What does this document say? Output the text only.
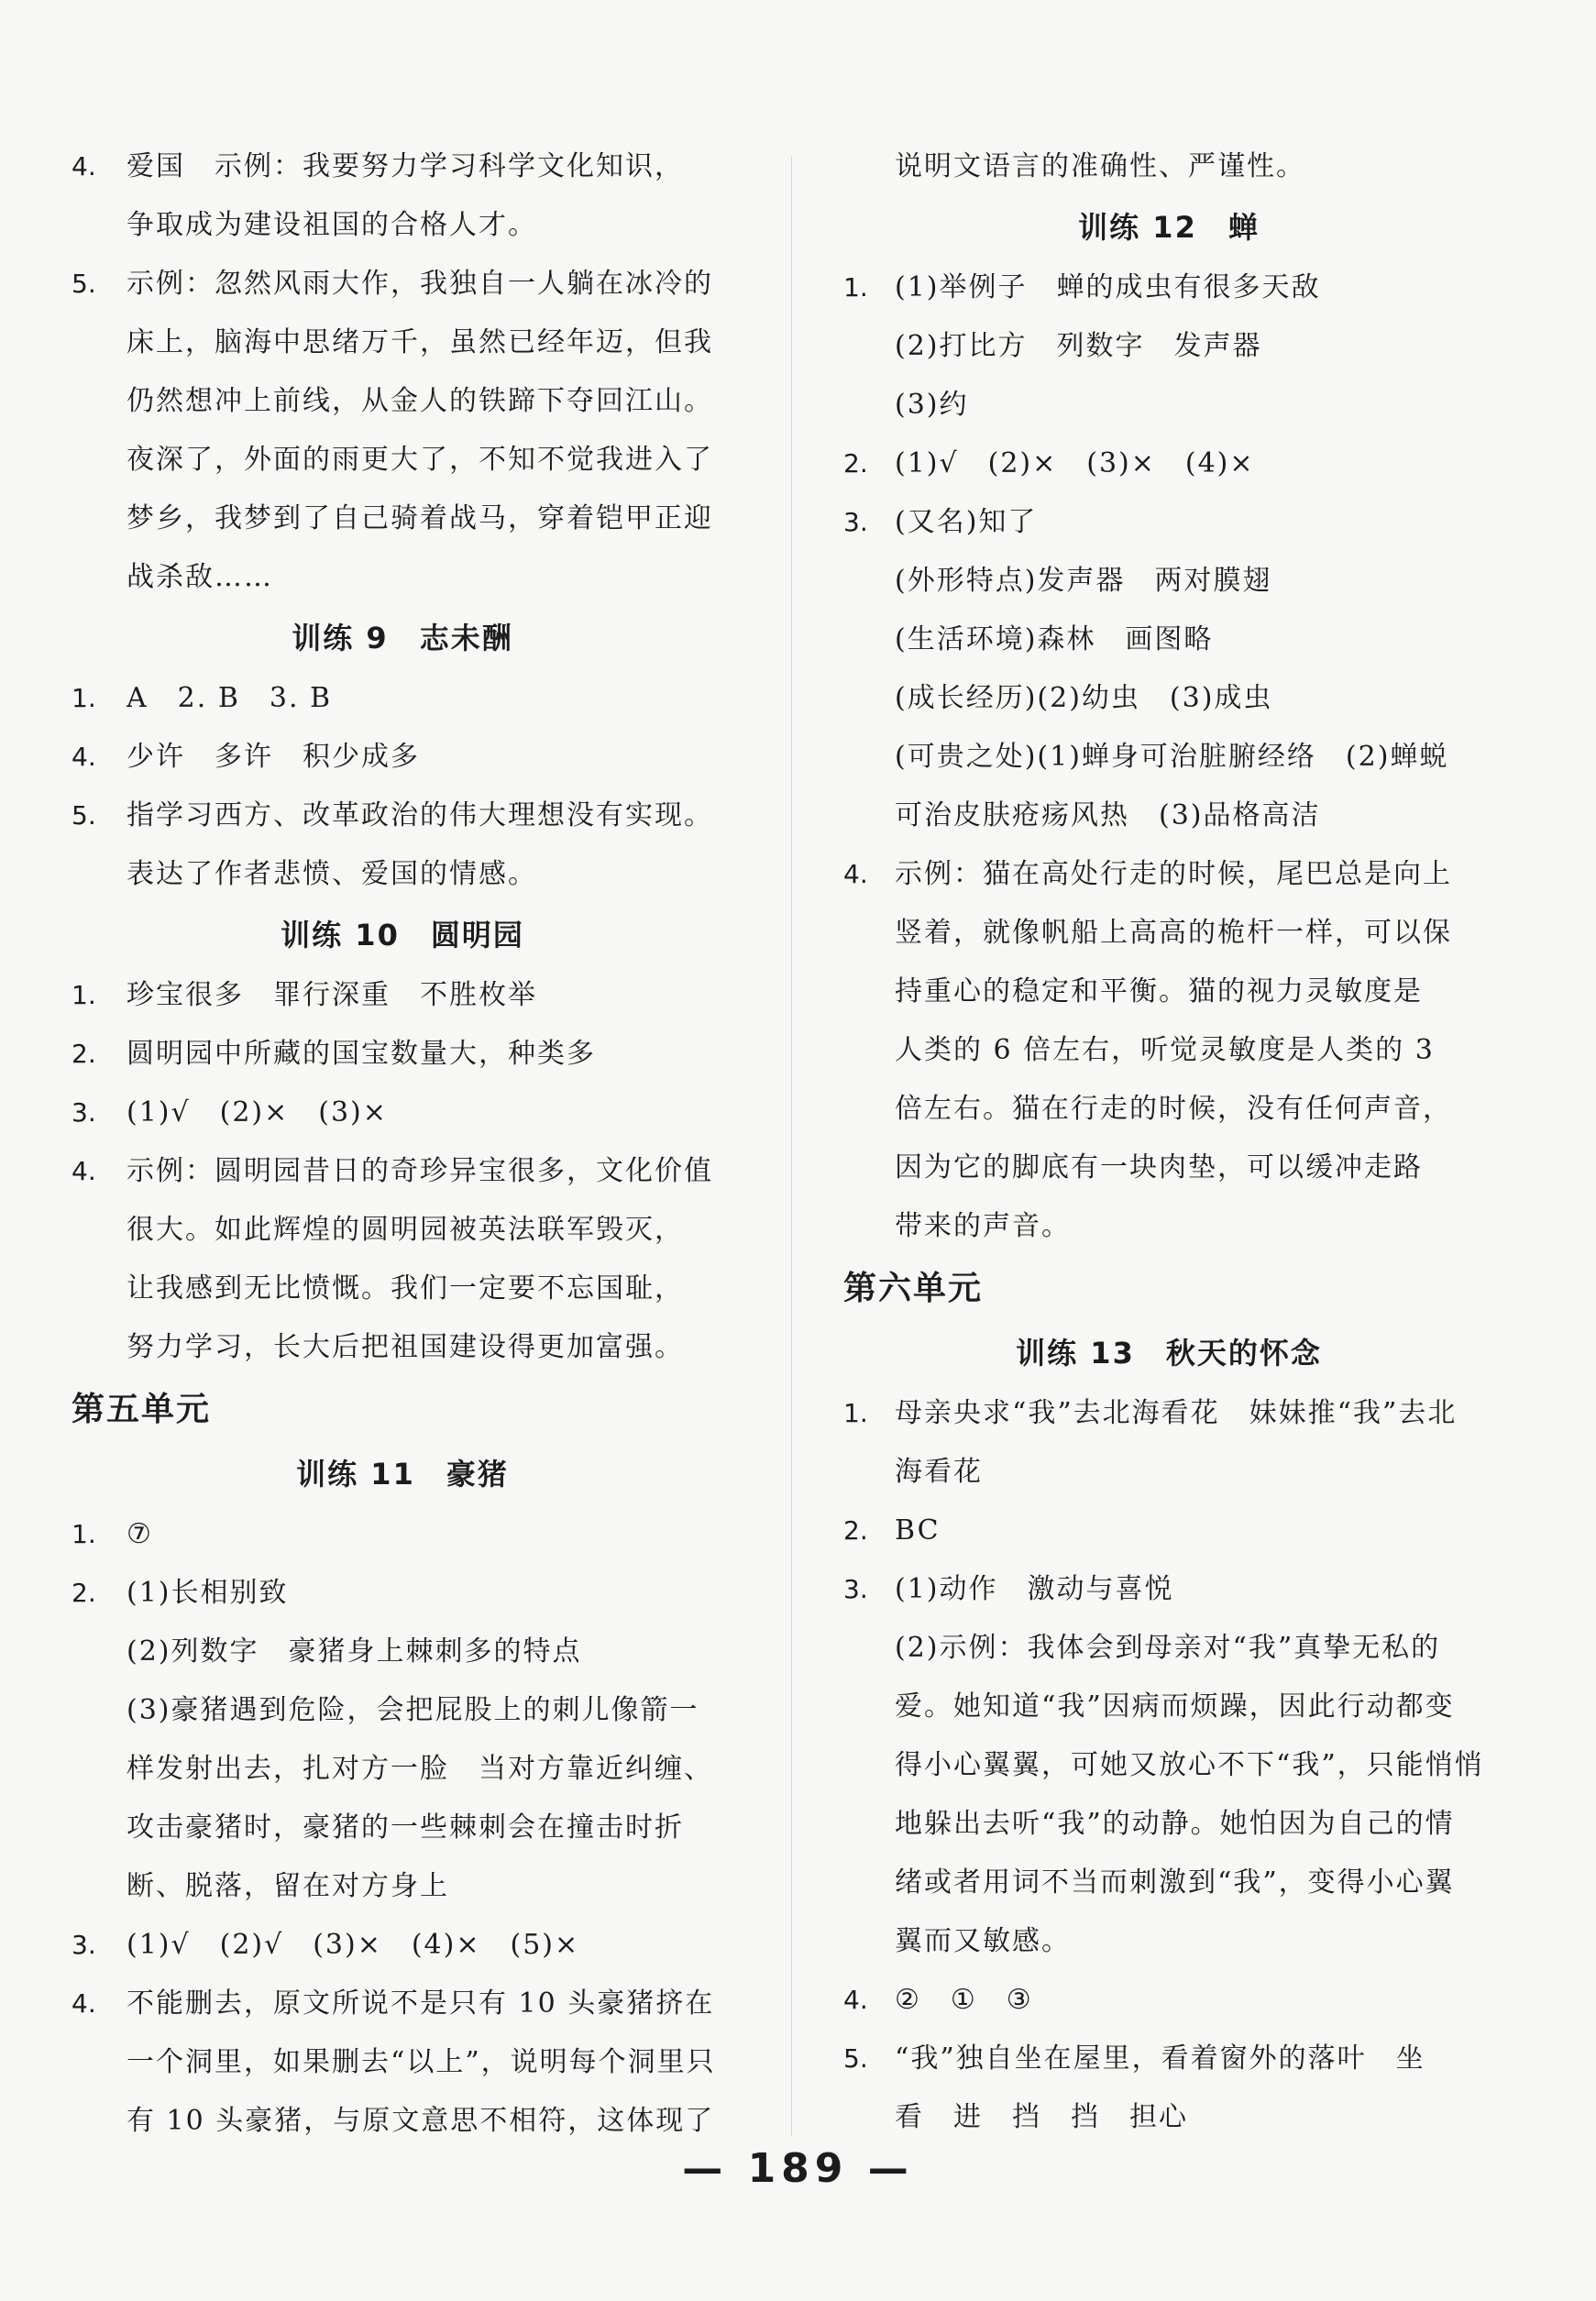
4. 爱国　示例：我要努力学习科学文化知识，
争取成为建设祖国的合格人才。
5. 示例：忽然风雨大作，我独自一人躺在冰冷的
床上，脑海中思绪万千，虽然已经年迈，但我
仍然想冲上前线，从金人的铁蹄下夺回江山。
夜深了，外面的雨更大了，不知不觉我进入了
梦乡，我梦到了自己骑着战马，穿着铠甲正迎
战杀敌……
训练 9　志未酬
1. A　2. B　3. B
4. 少许　多许　积少成多
5. 指学习西方、改革政治的伟大理想没有实现。
表达了作者悲愤、爱国的情感。
训练 10　圆明园
1. 珍宝很多　罪行深重　不胜枚举
2. 圆明园中所藏的国宝数量大，种类多
3. (1)√　(2)×　(3)×
4. 示例：圆明园昔日的奇珍异宝很多，文化价值
很大。如此辉煌的圆明园被英法联军毁灭，
让我感到无比愤慨。我们一定要不忘国耻，
努力学习，长大后把祖国建设得更加富强。
第五单元
训练 11　豪猪
1. ⑦
2. (1)长相别致
(2)列数字　豪猪身上棘刺多的特点
(3)豪猪遇到危险，会把屁股上的刺儿像箭一
样发射出去，扎对方一脸　当对方靠近纠缠、
攻击豪猪时，豪猪的一些棘刺会在撞击时折
断、脱落，留在对方身上
3. (1)√　(2)√　(3)×　(4)×　(5)×
4. 不能删去，原文所说不是只有 10 头豪猪挤在
一个洞里，如果删去“以上”，说明每个洞里只
有 10 头豪猪，与原文意思不相符，这体现了
说明文语言的准确性、严谨性。
训练 12　蝉
1. (1)举例子　蝉的成虫有很多天敌
(2)打比方　列数字　发声器
(3)约
2. (1)√　(2)×　(3)×　(4)×
3. (又名)知了
(外形特点)发声器　两对膜翅
(生活环境)森林　画图略
(成长经历)(2)幼虫　(3)成虫
(可贵之处)(1)蝉身可治脏腑经络　(2)蝉蜕
可治皮肤疮疡风热　(3)品格高洁
4. 示例：猫在高处行走的时候，尾巴总是向上
竖着，就像帆船上高高的桅杆一样，可以保
持重心的稳定和平衡。猫的视力灵敏度是
人类的 6 倍左右，听觉灵敏度是人类的 3
倍左右。猫在行走的时候，没有任何声音，
因为它的脚底有一块肉垫，可以缓冲走路
带来的声音。
第六单元
训练 13　秋天的怀念
1. 母亲央求“我”去北海看花　妹妹推“我”去北
海看花
2. BC
3. (1)动作　激动与喜悦
(2)示例：我体会到母亲对“我”真挚无私的
爱。她知道“我”因病而烦躁，因此行动都变
得小心翼翼，可她又放心不下“我”，只能悄悄
地躲出去听“我”的动静。她怕因为自己的情
绪或者用词不当而刺激到“我”，变得小心翼
翼而又敏感。
4. ②　①　③
5. “我”独自坐在屋里，看着窗外的落叶　坐
看　进　挡　挡　担心
— 189 —
